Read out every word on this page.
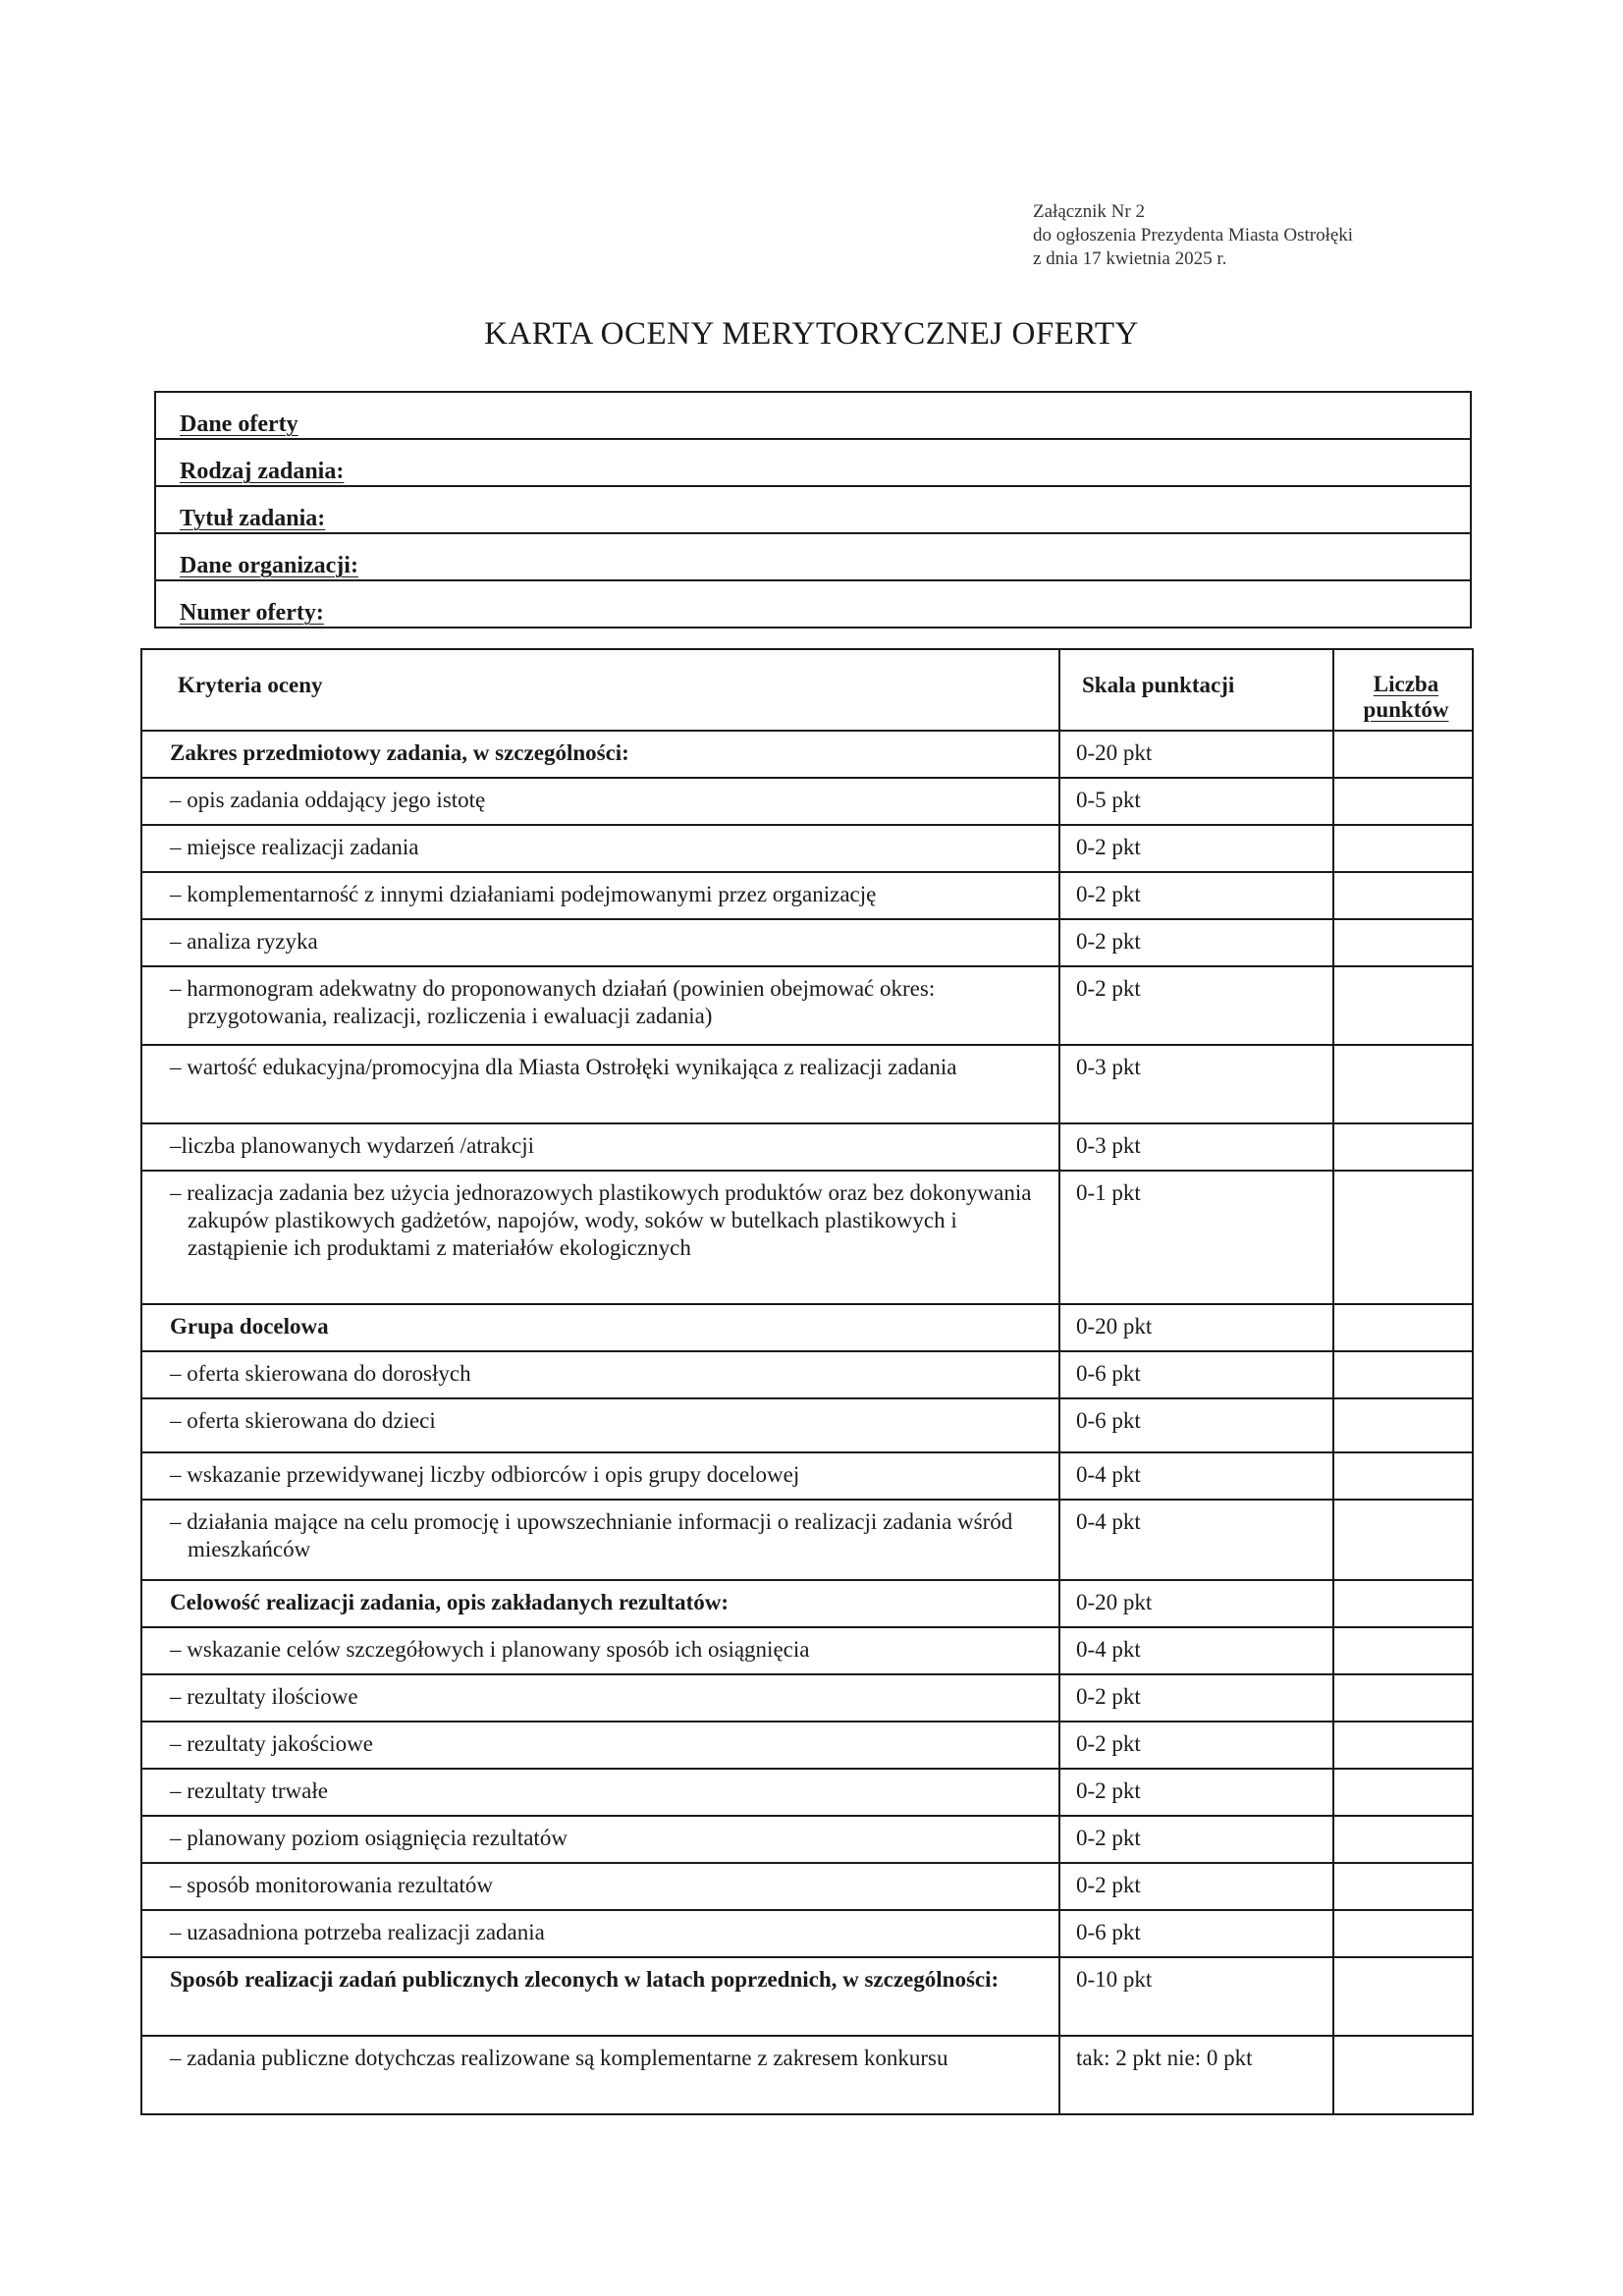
Załącznik Nr 2
do ogłoszenia Prezydenta Miasta Ostrołęki
z dnia 17 kwietnia 2025 r.
KARTA OCENY MERYTORYCZNEJ OFERTY
Dane oferty
Rodzaj zadania:
Tytuł zadania:
Dane organizacji:
Numer oferty:
Kryteria oceny	Skala punktacji	Liczba punktów
Zakres przedmiotowy zadania, w szczególności:	0-20 pkt	
– opis zadania oddający jego istotę	0-5 pkt	
– miejsce realizacji zadania	0-2 pkt	
– komplementarność z innymi działaniami podejmowanymi przez organizację	0-2 pkt	
– analiza ryzyka	0-2 pkt	
– harmonogram adekwatny do proponowanych działań (powinien obejmować okres: przygotowania, realizacji, rozliczenia i ewaluacji zadania)	0-2 pkt	
– wartość edukacyjna/promocyjna dla Miasta Ostrołęki wynikająca z realizacji zadania	0-3 pkt	
–liczba planowanych wydarzeń /atrakcji	0-3 pkt	
– realizacja zadania bez użycia jednorazowych plastikowych produktów oraz bez dokonywania zakupów plastikowych gadżetów, napojów, wody, soków w butelkach plastikowych i zastąpienie ich produktami z materiałów ekologicznych	0-1 pkt	
Grupa docelowa	0-20 pkt	
– oferta skierowana do dorosłych	0-6 pkt	
– oferta skierowana do dzieci	0-6 pkt	
– wskazanie przewidywanej liczby odbiorców i opis grupy docelowej	0-4 pkt	
– działania mające na celu promocję i upowszechnianie informacji o realizacji zadania wśród mieszkańców	0-4 pkt	
Celowość realizacji zadania, opis zakładanych rezultatów:	0-20 pkt	
– wskazanie celów szczegółowych i planowany sposób ich osiągnięcia	0-4 pkt	
– rezultaty ilościowe	0-2 pkt	
– rezultaty jakościowe	0-2 pkt	
– rezultaty trwałe	0-2 pkt	
– planowany poziom osiągnięcia rezultatów	0-2 pkt	
– sposób monitorowania rezultatów	0-2 pkt	
– uzasadniona potrzeba realizacji zadania	0-6 pkt	
Sposób realizacji zadań publicznych zleconych w latach poprzednich, w szczególności:	0-10 pkt	
– zadania publiczne dotychczas realizowane są komplementarne z zakresem konkursu	tak: 2 pkt nie: 0 pkt	
